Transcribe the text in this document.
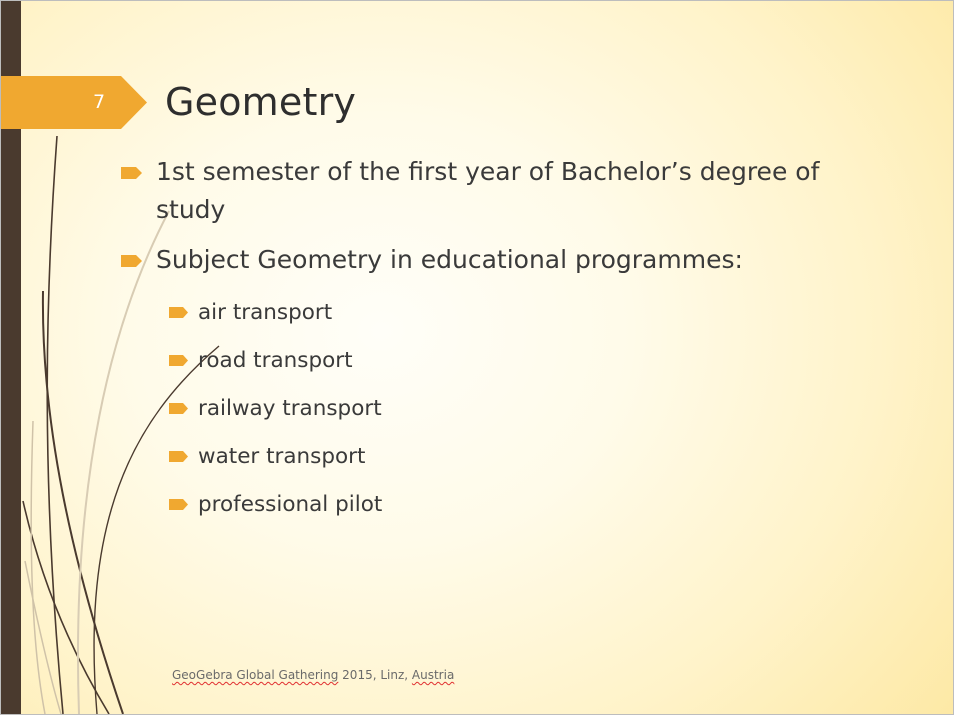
7	Geometry
1st semester of the first year of Bachelor’s degree of study
Subject Geometry in educational programmes:
air transport
road transport
railway transport
water transport
professional pilot
GeoGebra Global Gathering 2015, Linz, Austria
